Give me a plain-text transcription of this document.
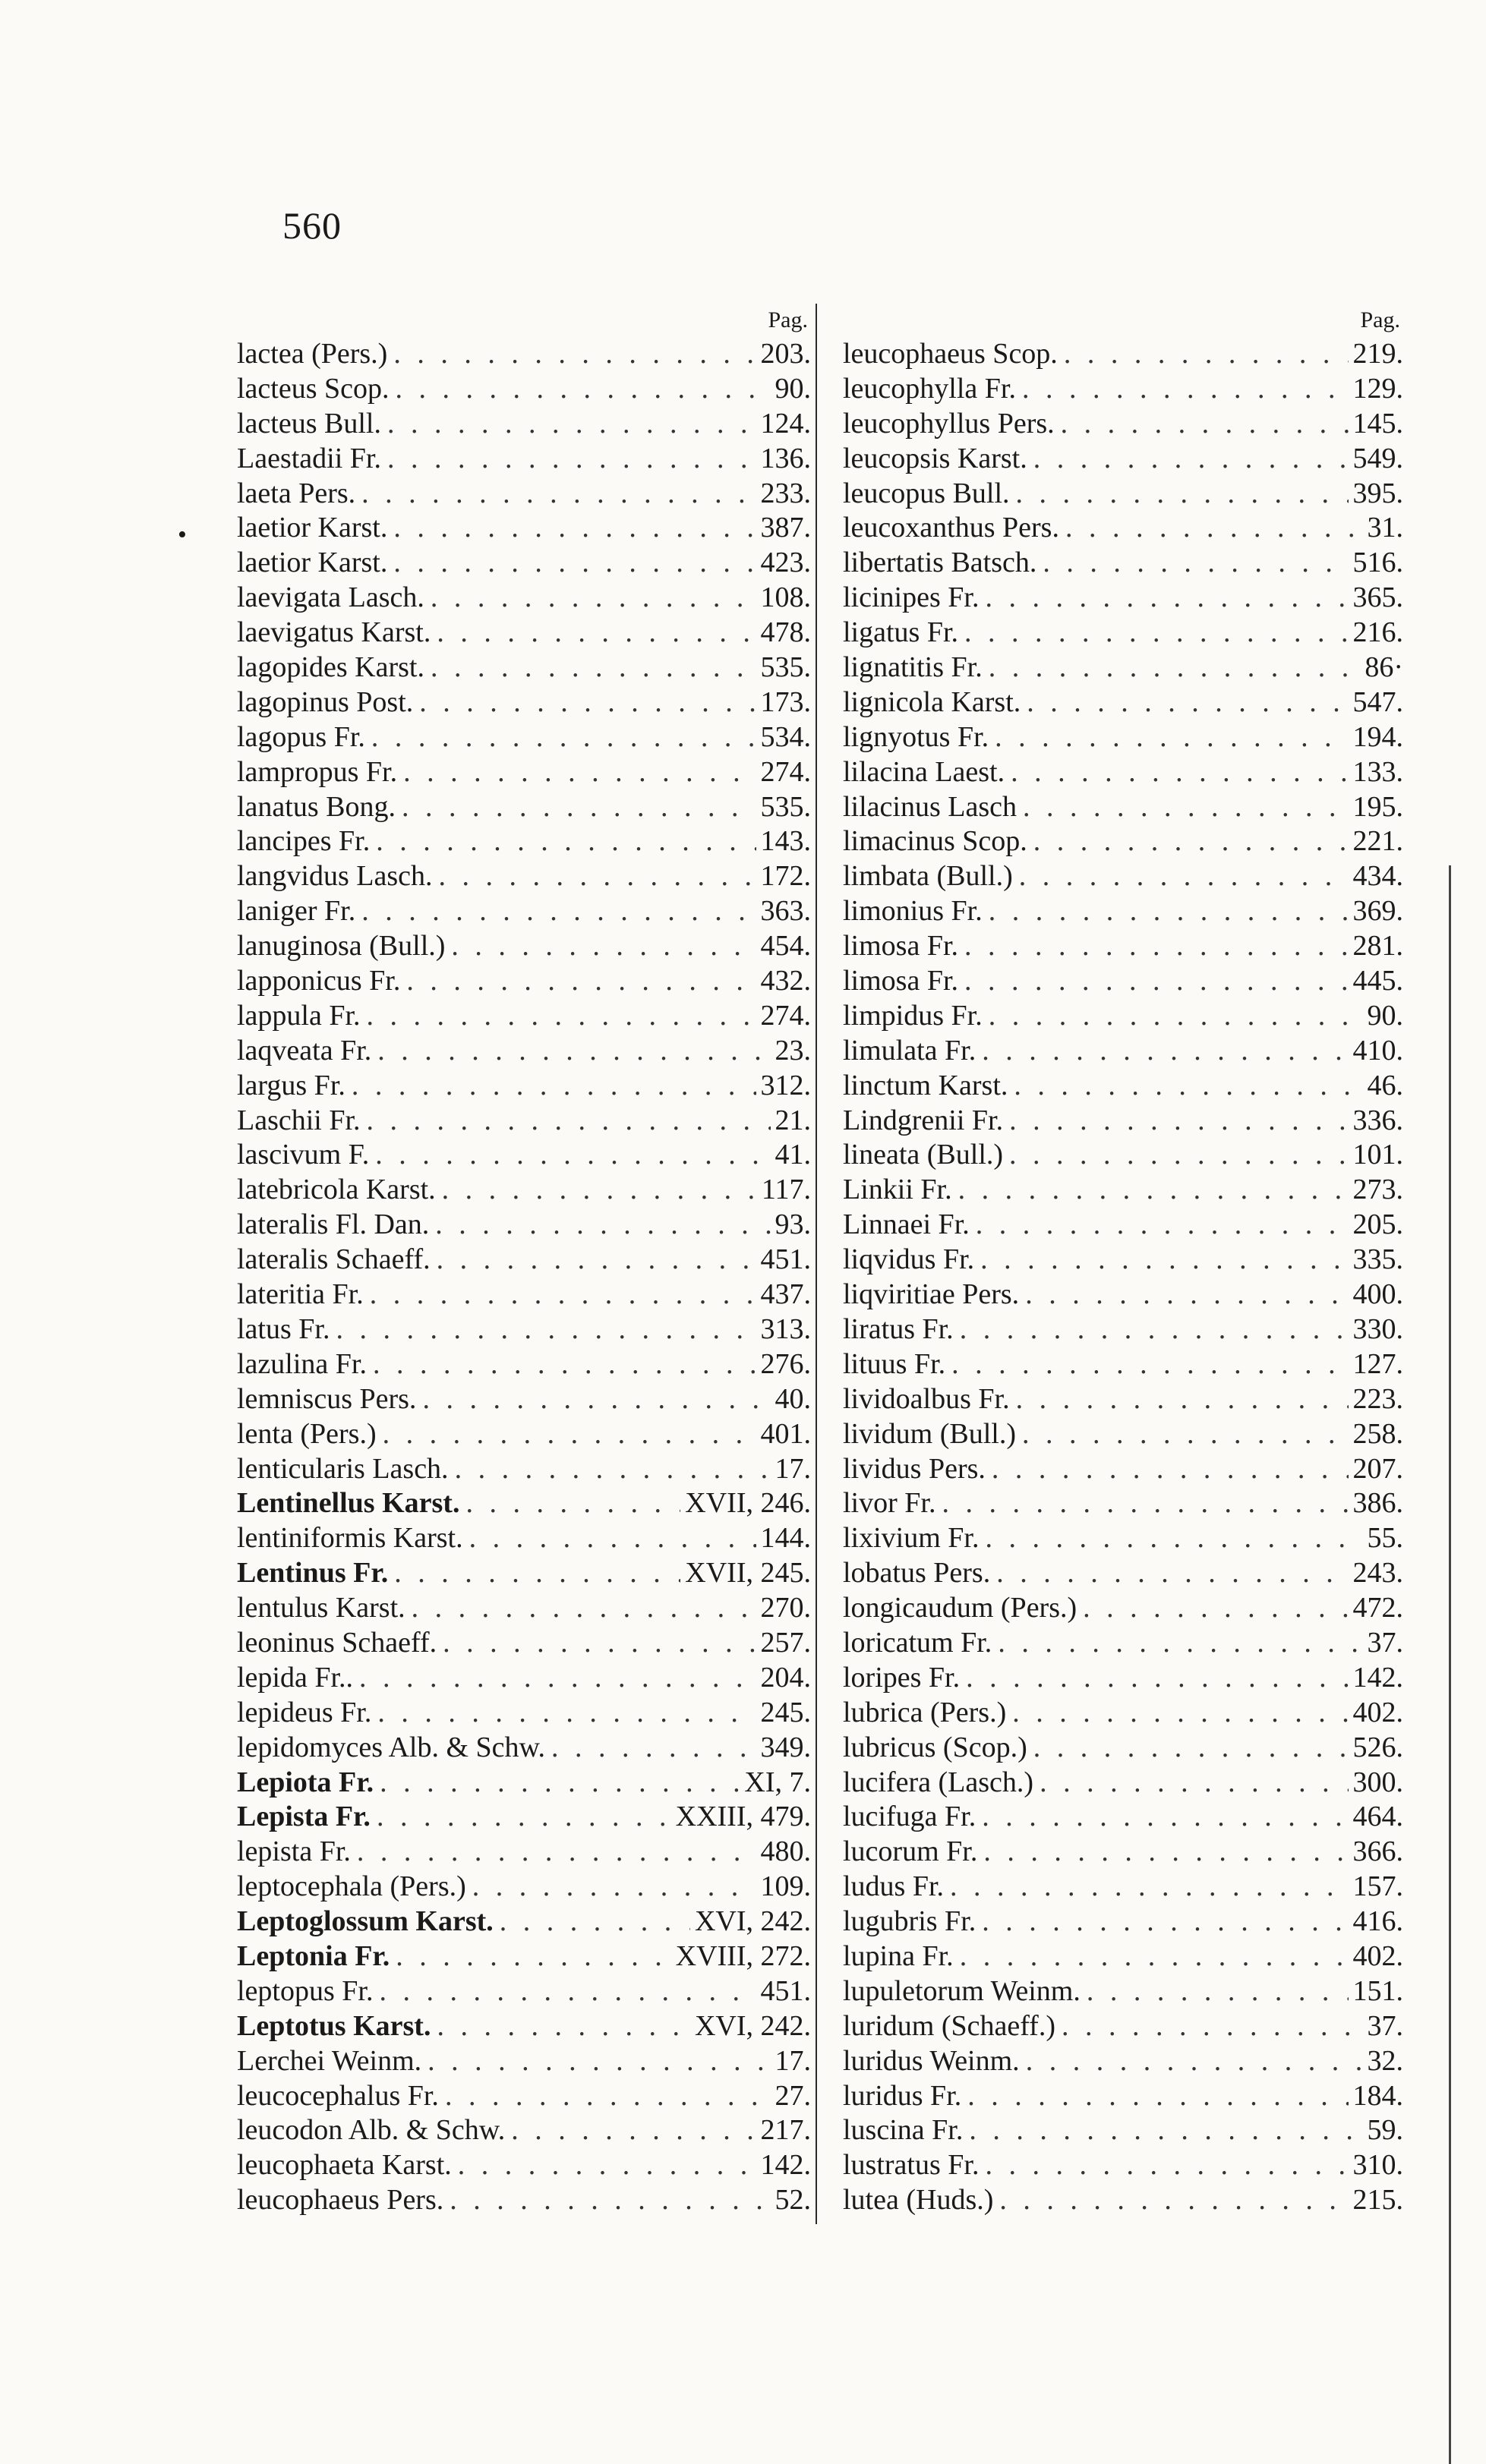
560
•
Pag.
lactea (Pers.) . . .	203.
lacteus Scop. . . .	90.
lacteus Bull. . . .	124.
Laestadii Fr. . . .	136.
laeta Pers. . . .	233.
laetior Karst. . . .	387.
laetior Karst. . . .	423.
laevigata Lasch. . . .	108.
laevigatus Karst. . . .	478.
lagopides Karst. . . .	535.
lagopinus Post. . . .	173.
lagopus Fr. . . .	534.
lampropus Fr. . . .	274.
lanatus Bong. . . .	535.
lancipes Fr. . . .	143.
langvidus Lasch. . . .	172.
laniger Fr. . . .	363.
lanuginosa (Bull.) . . .	454.
lapponicus Fr. . . .	432.
lappula Fr. . . .	274.
laqveata Fr. . . .	23.
largus Fr. . . .	312.
Laschii Fr. . . .	21.
lascivum F. . . .	41.
latebricola Karst. . . .	117.
lateralis Fl. Dan. . . .	93.
lateralis Schaeff. . . .	451.
lateritia Fr. . . .	437.
latus Fr. . . .	313.
lazulina Fr. . . .	276.
lemniscus Pers. . . .	40.
lenta (Pers.) . . .	401.
lenticularis Lasch. . . .	17.
Lentinellus Karst. . . .	XVII, 246.
lentiniformis Karst. . . .	144.
Lentinus Fr. . . .	XVII, 245.
lentulus Karst. . . .	270.
leoninus Schaeff. . . .	257.
lepida Fr.. . . .	204.
lepideus Fr. . . .	245.
lepidomyces Alb. & Schw. . . .	349.
Lepiota Fr. . . .	XI, 7.
Lepista Fr. . . .	XXIII, 479.
lepista Fr. . . .	480.
leptocephala (Pers.) . . .	109.
Leptoglossum Karst. . . .	XVI, 242.
Leptonia Fr. . . .	XVIII, 272.
leptopus Fr. . . .	451.
Leptotus Karst. . . .	XVI, 242.
Lerchei Weinm. . . .	17.
leucocephalus Fr. . . .	27.
leucodon Alb. & Schw. . . .	217.
leucophaeta Karst. . . .	142.
leucophaeus Pers. . . .	52.
Pag.
leucophaeus Scop. . . .	219.
leucophylla Fr. . . .	129.
leucophyllus Pers. . . .	145.
leucopsis Karst. . . .	549.
leucopus Bull. . . .	395.
leucoxanthus Pers. . . .	31.
libertatis Batsch. . . .	516.
licinipes Fr. . . .	365.
ligatus Fr. . . .	216.
lignatitis Fr. . . .	86·
lignicola Karst. . . .	547.
lignyotus Fr. . . .	194.
lilacina Laest. . . .	133.
lilacinus Lasch . . .	195.
limacinus Scop. . . .	221.
limbata (Bull.) . . .	434.
limonius Fr. . . .	369.
limosa Fr. . . .	281.
limosa Fr. . . .	445.
limpidus Fr. . . .	90.
limulata Fr. . . .	410.
linctum Karst. . . .	46.
Lindgrenii Fr. . . .	336.
lineata (Bull.) . . .	101.
Linkii Fr. . . .	273.
Linnaei Fr. . . .	205.
liqvidus Fr. . . .	335.
liqviritiae Pers. . . .	400.
liratus Fr. . . .	330.
lituus Fr. . . .	127.
lividoalbus Fr. . . .	223.
lividum (Bull.) . . .	258.
lividus Pers. . . .	207.
livor Fr. . . .	386.
lixivium Fr. . . .	55.
lobatus Pers. . . .	243.
longicaudum (Pers.) . . .	472.
loricatum Fr. . . .	37.
loripes Fr. . . .	142.
lubrica (Pers.) . . .	402.
lubricus (Scop.) . . .	526.
lucifera (Lasch.) . . .	300.
lucifuga Fr. . . .	464.
lucorum Fr. . . .	366.
ludus Fr. . . .	157.
lugubris Fr. . . .	416.
lupina Fr. . . .	402.
lupuletorum Weinm. . . .	151.
luridum (Schaeff.) . . .	37.
luridus Weinm. . . .	32.
luridus Fr. . . .	184.
luscina Fr. . . .	59.
lustratus Fr. . . .	310.
lutea (Huds.) . . .	215.
